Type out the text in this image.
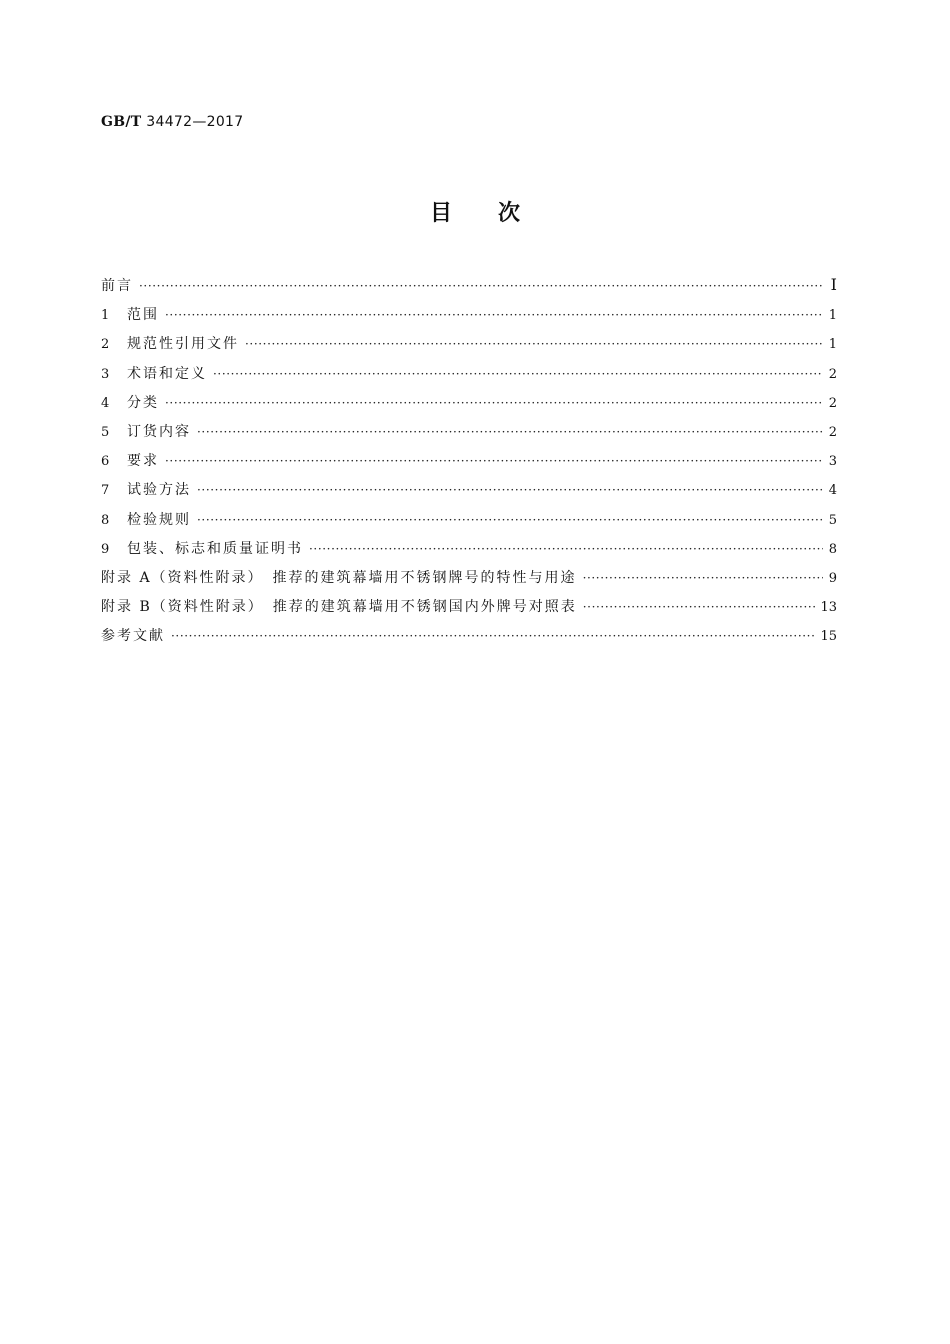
GB/T 34472—2017
目次
前言 ·····	Ⅰ
1	范围 ·····	1
2	规范性引用文件 ·····	1
3	术语和定义 ·····	2
4	分类 ·····	2
5	订货内容 ·····	2
6	要求 ·····	3
7	试验方法 ·····	4
8	检验规则 ·····	5
9	包装、标志和质量证明书 ·····	8
附录 A（资料性附录）　推荐的建筑幕墙用不锈钢牌号的特性与用途 ·····	9
附录 B（资料性附录）　推荐的建筑幕墙用不锈钢国内外牌号对照表 ·····	13
参考文献 ·····	15
